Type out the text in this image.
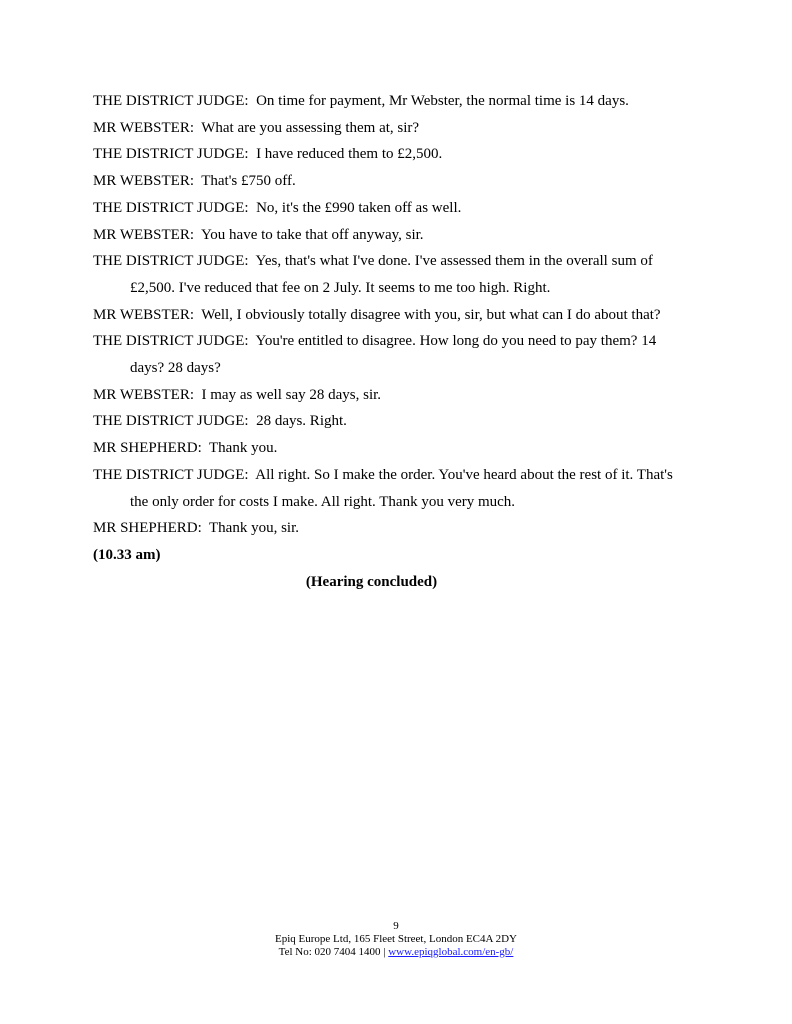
THE DISTRICT JUDGE: On time for payment, Mr Webster, the normal time is 14 days.

MR WEBSTER: What are you assessing them at, sir?

THE DISTRICT JUDGE: I have reduced them to £2,500.

MR WEBSTER: That's £750 off.

THE DISTRICT JUDGE: No, it's the £990 taken off as well.

MR WEBSTER: You have to take that off anyway, sir.

THE DISTRICT JUDGE: Yes, that's what I've done. I've assessed them in the overall sum of £2,500. I've reduced that fee on 2 July. It seems to me too high. Right.

MR WEBSTER: Well, I obviously totally disagree with you, sir, but what can I do about that?

THE DISTRICT JUDGE: You're entitled to disagree. How long do you need to pay them? 14 days? 28 days?

MR WEBSTER: I may as well say 28 days, sir.

THE DISTRICT JUDGE: 28 days. Right.

MR SHEPHERD: Thank you.

THE DISTRICT JUDGE: All right. So I make the order. You've heard about the rest of it. That's the only order for costs I make. All right. Thank you very much.

MR SHEPHERD: Thank you, sir.

(10.33 am)

(Hearing concluded)

9
Epiq Europe Ltd, 165 Fleet Street, London EC4A 2DY
Tel No: 020 7404 1400 | www.epiqglobal.com/en-gb/
